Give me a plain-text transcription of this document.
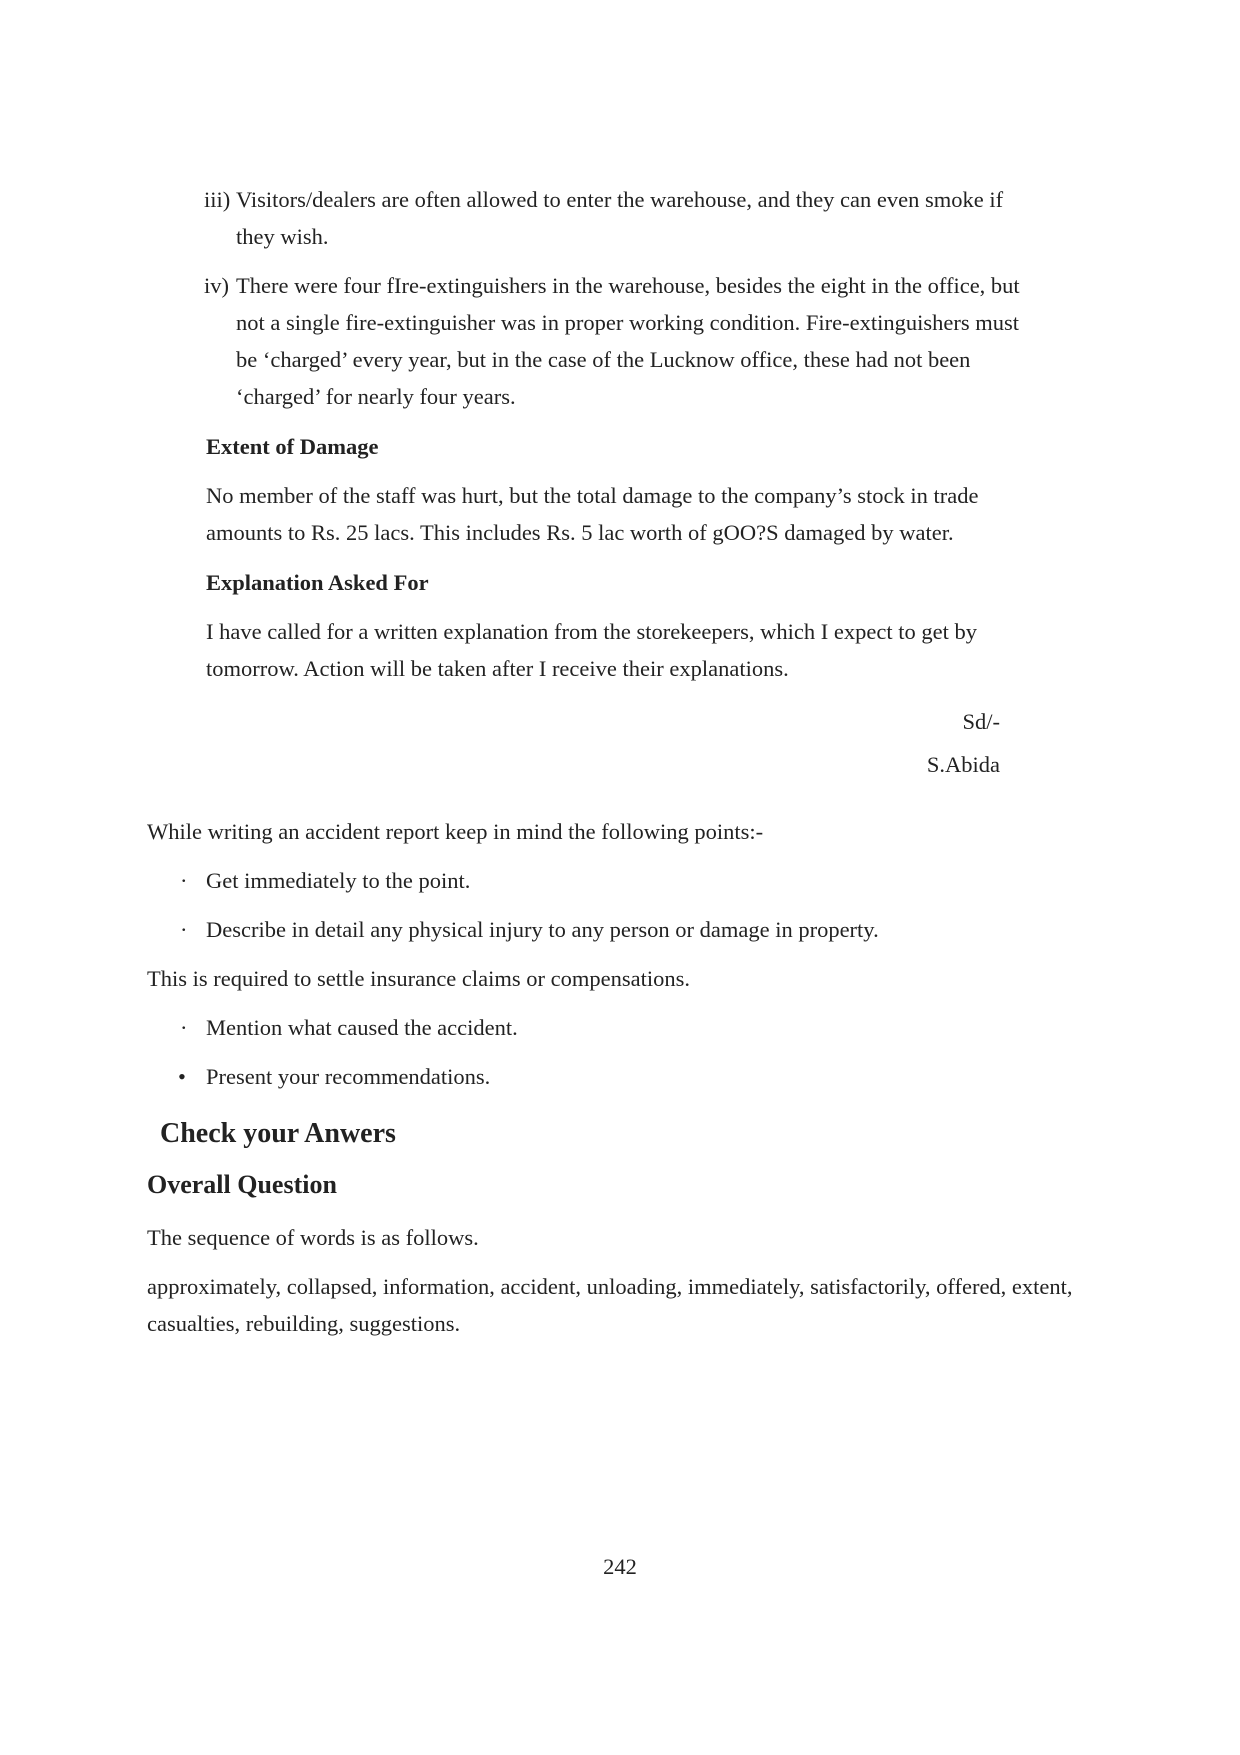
iii) Visitors/dealers are often allowed to enter the warehouse, and they can even smoke if
they wish.
iv) There were four fIre-extinguishers in the warehouse, besides the eight in the office, but
not a single fire-extinguisher was in proper working condition. Fire-extinguishers must
be ‘charged’ every year, but in the case of the Lucknow office, these had not been
‘charged’ for nearly four years.
Extent of Damage
No member of the staff was hurt, but the total damage to the company’s stock in trade
amounts to Rs. 25 lacs. This includes Rs. 5 lac worth of gOO?S damaged by water.
Explanation Asked For
I have called for a written explanation from the storekeepers, which I expect to get by
tomorrow. Action will be taken after I receive their explanations.
Sd/-
S.Abida
While writing an accident report keep in mind the following points:-
· Get immediately to the point.
· Describe in detail any physical injury to any person or damage in property.
This is required to settle insurance claims or compensations.
· Mention what caused the accident.
• Present your recommendations.
Check your Anwers
Overall Question
The sequence of words is as follows.
approximately, collapsed, information, accident, unloading, immediately, satisfactorily, offered, extent,
casualties, rebuilding, suggestions.
242
